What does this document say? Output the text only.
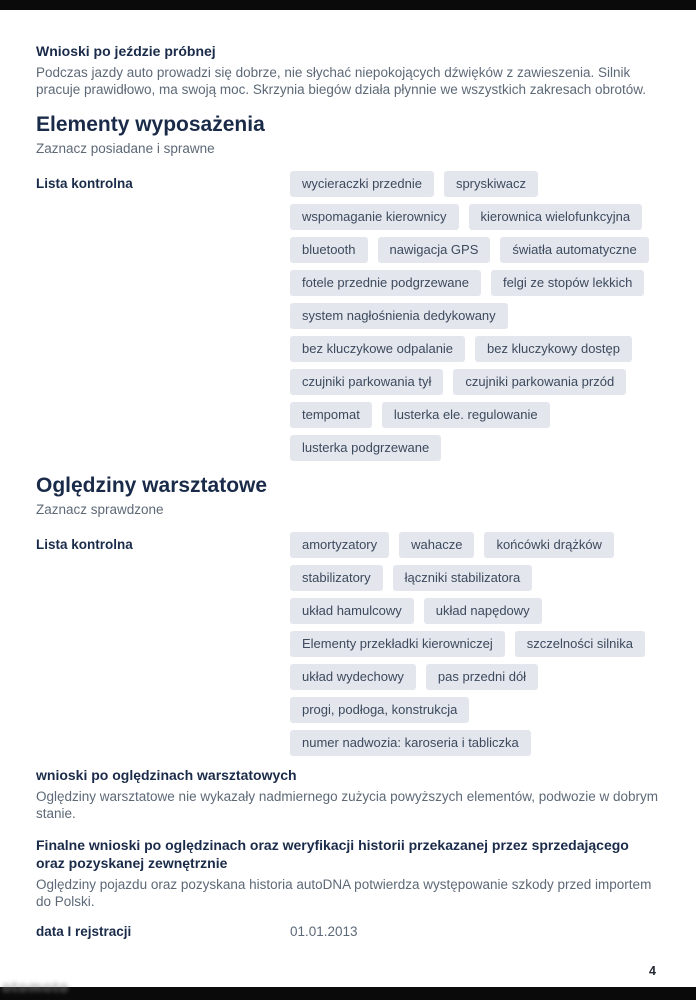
Wnioski po jeździe próbnej

Podczas jazdy auto prowadzi się dobrze, nie słychać niepokojących dźwięków z zawieszenia. Silnik pracuje prawidłowo, ma swoją moc. Skrzynia biegów działa płynnie we wszystkich zakresach obrotów.

Elementy wyposażenia

Zaznacz posiadane i sprawne

Lista kontrolna	wycieraczki przednie	spryskiwacz
wspomaganie kierownicy	kierownica wielofunkcyjna
bluetooth	nawigacja GPS	światła automatyczne
fotele przednie podgrzewane	felgi ze stopów lekkich
system nagłośnienia dedykowany
bez kluczykowe odpalanie	bez kluczykowy dostęp
czujniki parkowania tył	czujniki parkowania przód
tempomat	lusterka ele. regulowanie
lusterka podgrzewane
Oględziny warsztatowe

Zaznacz sprawdzone

Lista kontrolna	amortyzatory	wahacze	końcówki drążków
stabilizatory	łączniki stabilizatora
układ hamulcowy	układ napędowy
Elementy przekładki kierowniczej	szczelności silnika
układ wydechowy	pas przedni dół
progi, podłoga, konstrukcja
numer nadwozia: karoseria i tabliczka
wnioski po oględzinach warsztatowych

Oględziny warsztatowe nie wykazały nadmiernego zużycia powyższych elementów, podwozie w dobrym stanie.

Finalne wnioski po oględzinach oraz weryfikacji historii przekazanej przez sprzedającego oraz pozyskanej zewnętrznie

Oględziny pojazdu oraz pozyskana historia autoDNA potwierdza występowanie szkody przed importem do Polski.

data I rejstracji	01.01.2013
4
otomoto
